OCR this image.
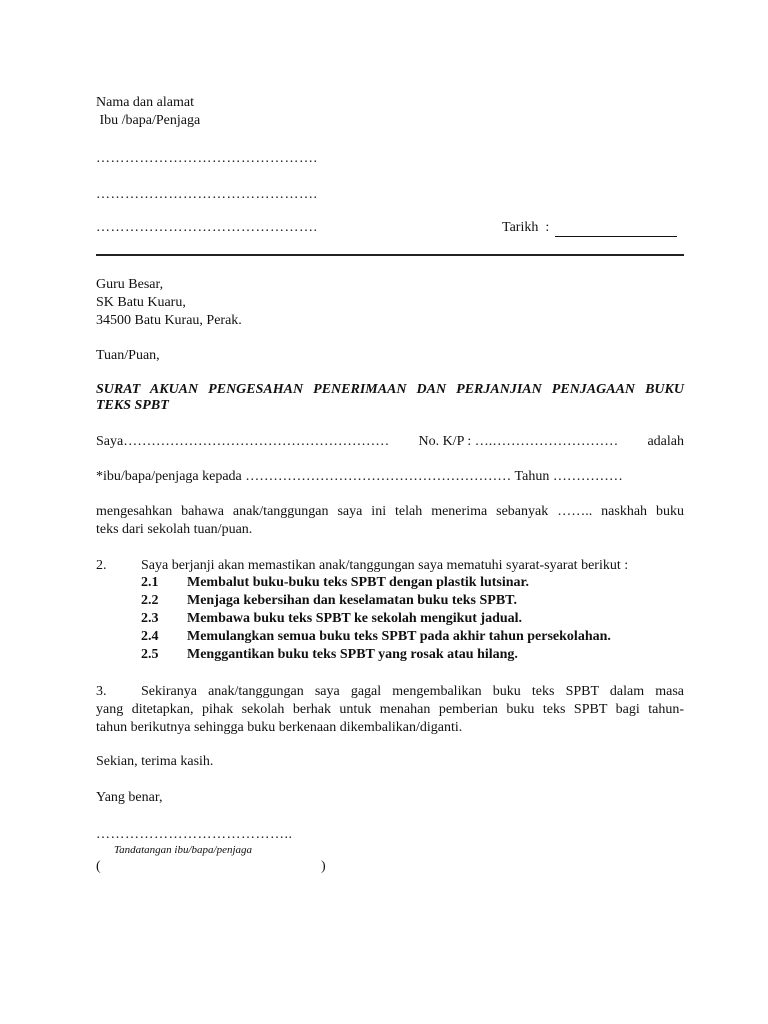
Nama dan alamat
Ibu /bapa/Penjaga
……………………………………….
……………………………………….
……………………………………….	Tarikh  :
Guru Besar,
SK Batu Kuaru,
34500 Batu Kurau, Perak.
Tuan/Puan,
SURAT AKUAN PENGESAHAN PENERIMAAN DAN PERJANJIAN PENJAGAAN BUKU
TEKS SPBT
Saya………………………………………………… No. K/P : ….……………………… adalah
*ibu/bapa/penjaga kepada ………………………………………………… Tahun ……………
mengesahkan bahawa anak/tanggungan saya ini telah menerima sebanyak …….. naskhah buku
teks dari sekolah tuan/puan.
2. Saya berjanji akan memastikan anak/tanggungan saya mematuhi syarat-syarat berikut :
2.1 Membalut buku-buku teks SPBT dengan plastik lutsinar.
2.2 Menjaga kebersihan dan keselamatan buku teks SPBT.
2.3 Membawa buku teks SPBT ke sekolah mengikut jadual.
2.4 Memulangkan semua buku teks SPBT pada akhir tahun persekolahan.
2.5 Menggantikan buku teks SPBT yang rosak atau hilang.
3. Sekiranya anak/tanggungan saya gagal mengembalikan buku teks SPBT dalam masa
yang ditetapkan, pihak sekolah berhak untuk menahan pemberian buku teks SPBT bagi tahun-
tahun berikutnya sehingga buku berkenaan dikembalikan/diganti.
Sekian, terima kasih.
Yang benar,
…………………………………..
Tandatangan ibu/bapa/penjaga
(	)
